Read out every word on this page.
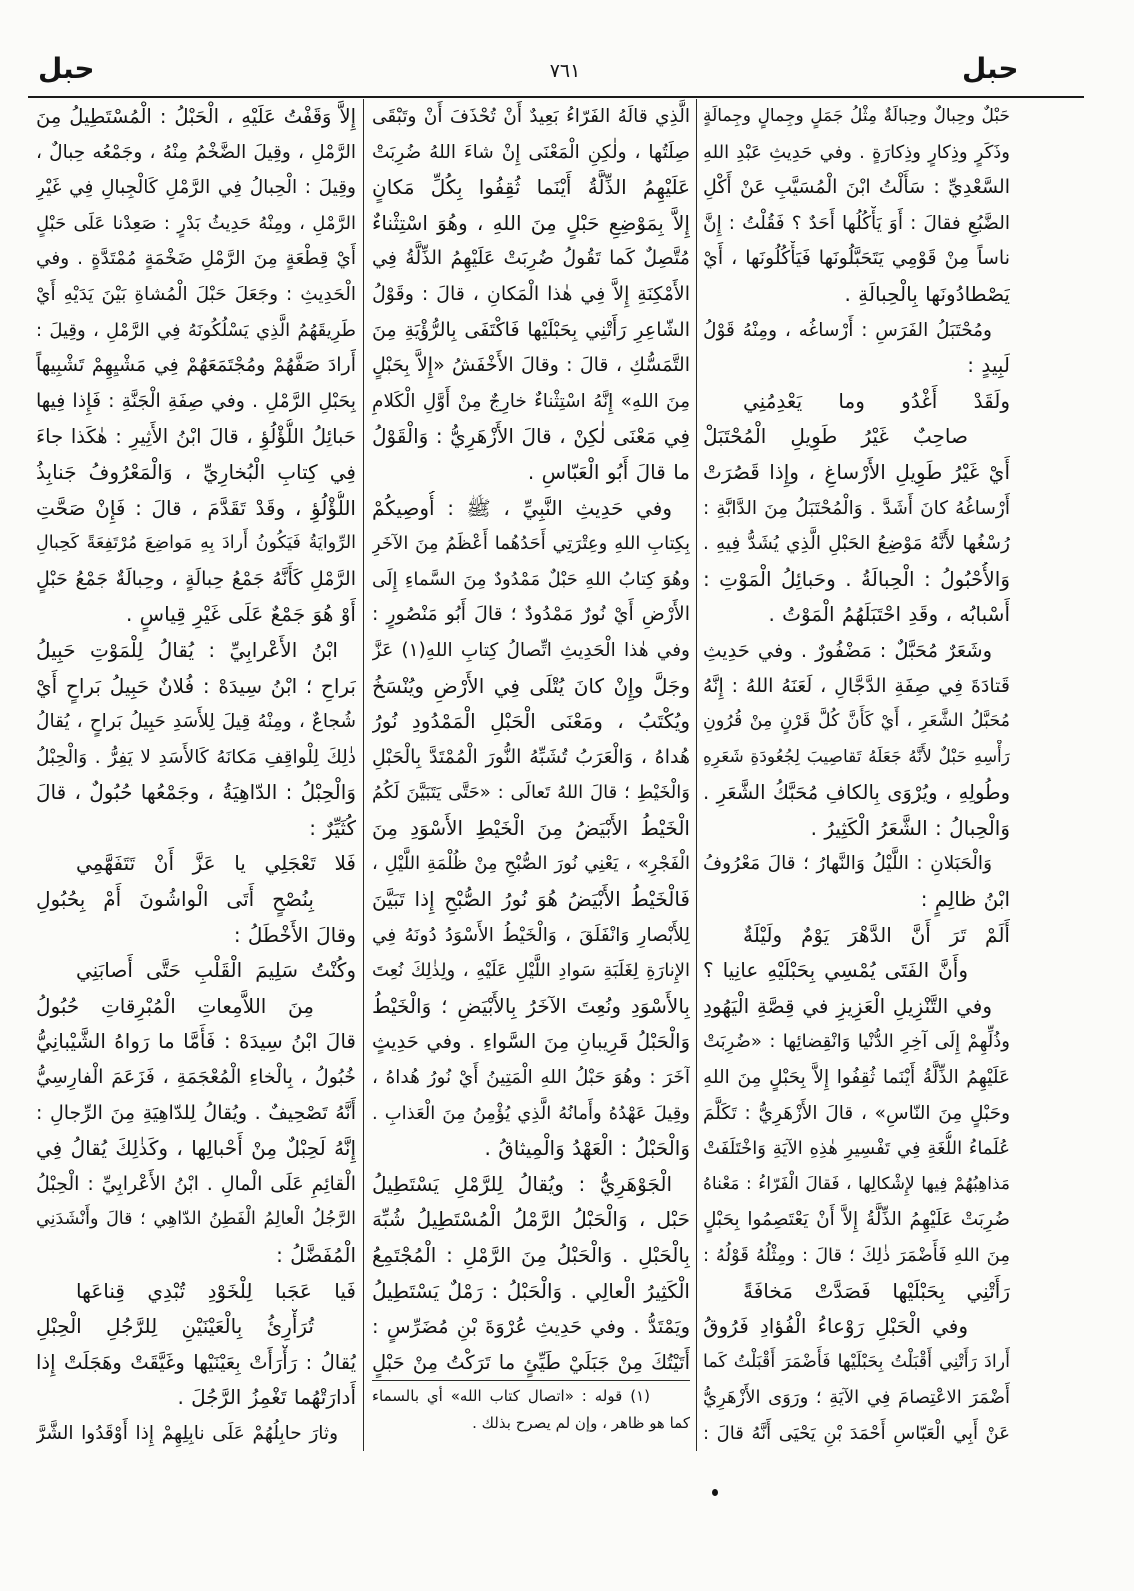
حبل	٧٦١	حبل
حَبْلٌ وحِبالٌ وحِبالَةٌ مِثْلُ جَمَلٍ وجِمالٍ وجِمالَةٍ
وذَكَرٍ وذِكارٍ وذِكارَةٍ . وفي حَدِيثِ عَبْدِ اللهِ
السَّعْدِيِّ : سَأَلْتُ ابْنَ الْمُسَيَّبِ عَنْ أَكْلِ
الضَّبُعِ فقالَ : أَوَ يَأْكُلُها أَحَدٌ ؟ فَقُلْتُ : إِنَّ
ناساً مِنْ قَوْمِي يَتَحَبَّلُونَها فَيَأْكُلُونَها ، أَيْ
يَصْطادُونَها بِالْحِبالَةِ .
ومُحْتَبَلُ الفَرَسِ : أَرْساغُه ، ومِنْهُ قَوْلُ
لَبِيدٍ :
ولَقَدْ أَغْدُو وما يَعْدِمُنِي
صاحِبٌ غَيْرُ طَوِيلِ الْمُحْتَبَلْ
أَيْ غَيْرُ طَوِيلِ الأَرْساغِ ، وإِذا قَصُرَتْ
أَرْساغُهُ كانَ أَشَدَّ . وَالْمُحْتَبَلُ مِنَ الدَّابَّةِ :
رُسْغُها لأَنَّهُ مَوْضِعُ الحَبْلِ الَّذِي يُشَدُّ فِيهِ .
وَالأُحْبُولُ : الْحِبالَةُ . وحَبائِلُ الْمَوْتِ :
أَسْبابُه ، وقَدِ احْتَبَلَهُمُ الْمَوْتُ .
وشَعَرٌ مُحَبَّلٌ : مَضْفُورٌ . وفي حَدِيثِ
قَتادَةَ فِي صِفَةِ الدَّجَّالِ ، لَعَنَهُ اللهُ : إِنَّهُ
مُحَبَّلُ الشَّعَرِ ، أَيْ كَأَنَّ كُلَّ قَرْنٍ مِنْ قُرُونِ
رَأْسِهِ حَبْلٌ لأَنَّهُ جَعَلَهُ تَقاصِيبَ لِجُعُودَةِ شَعَرِهِ
وطُولِهِ ، ويُرْوَى بِالكافِ مُحَبَّكُ الشَّعَرِ .
وَالْحِبالُ : الشَّعَرُ الْكَثِيرُ .
وَالْحَبَلانِ : اللَّيْلُ وَالنَّهارُ ؛ قالَ مَعْرُوفُ
ابْنُ ظالِمٍ :
أَلَمْ تَرَ أَنَّ الدَّهْرَ يَوْمٌ ولَيْلَةٌ
وأَنَّ الفَتَى يُمْسِي بِحَبْلَيْهِ عانِيا ؟
وفي التَّنْزِيلِ الْعَزِيزِ في قِصَّةِ الْيَهُودِ
وذُلِّهِمْ إِلَى آخِرِ الدُّنْيا وَانْقِضائِها : «ضُرِبَتْ
عَلَيْهِمُ الذِّلَّةُ أَيْنَما ثُقِفُوا إِلاَّ بِحَبْلٍ مِنَ اللهِ
وحَبْلٍ مِنَ النّاسِ» ، قالَ الأَزْهَرِيُّ : تَكَلَّمَ
عُلَماءُ اللُّغَةِ فِي تَفْسِيرِ هٰذِهِ الآيَةِ وَاخْتَلَفَتْ
مَذاهِبُهُمْ فِيها لإِشْكالِها ، فَقالَ الْفَرّاءُ : مَعْناهُ
ضُرِبَتْ عَلَيْهِمُ الذِّلَّةُ إِلاَّ أَنْ يَعْتَصِمُوا بِحَبْلٍ
مِنَ اللهِ فَأَضْمَرَ ذٰلِكَ ؛ قالَ : ومِثْلُهُ قَوْلُهُ :
رَأَتْنِي بِحَبْلَيْها فَصَدَّتْ مَخافَةً
وفي الْحَبْلِ رَوْعاءُ الْفُؤادِ فَرُوقُ
أَرادَ رَأَتْنِي أَقْبَلْتُ بِحَبْلَيْها فَأَضْمَرَ أَقْبَلْتُ كَما
أَضْمَرَ الاعْتِصامَ فِي الآيَةِ ؛ ورَوَى الأَزْهَرِيُّ
عَنْ أَبِي الْعَبّاسِ أَحْمَدَ بْنِ يَحْيَى أَنَّهُ قالَ :
الَّذِي قالَهُ الفَرّاءُ بَعِيدٌ أَنْ تُحْذَفَ أَنْ وتَبْقَى
صِلَتُها ، ولٰكِنِ الْمَعْنَى إِنْ شاءَ اللهُ ضُرِبَتْ
عَلَيْهِمُ الذِّلَّةُ أَيْنَما ثُقِفُوا بِكُلِّ مَكانٍ
إِلاَّ بِمَوْضِعِ حَبْلٍ مِنَ اللهِ ، وهُوَ اسْتِثْناءٌ
مُتَّصِلٌ كَما تَقُولُ ضُرِبَتْ عَلَيْهِمُ الذِّلَّةُ فِي
الأَمْكِنَةِ إِلاَّ فِي هٰذا الْمَكانِ ، قالَ : وقَوْلُ
الشّاعِرِ رَأَتْنِي بِحَبْلَيْها فَاكْتَفَى بِالرُّؤْيَةِ مِنَ
التَّمَسُّكِ ، قالَ : وقالَ الأَخْفَشُ «إِلاَّ بِحَبْلٍ
مِنَ اللهِ» إِنَّهُ اسْتِثْناءٌ خارِجٌ مِنْ أَوَّلِ الْكَلامِ
فِي مَعْنَى لٰكِنْ ، قالَ الأَزْهَرِيُّ : وَالْقَوْلُ
ما قالَ أَبُو الْعَبّاسِ .
وفي حَدِيثِ النَّبِيِّ ، ﷺ : أُوصِيكُمْ
بِكِتابِ اللهِ وعِتْرَتِي أَحَدُهُما أَعْظَمُ مِنَ الآخَرِ
وهُوَ كِتابُ اللهِ حَبْلٌ مَمْدُودٌ مِنَ السَّماءِ إِلَى
الأَرْضِ أَيْ نُورٌ مَمْدُودٌ ؛ قالَ أَبُو مَنْصُورٍ :
وفي هٰذا الْحَدِيثِ اتِّصالُ كِتابِ اللهِ(١) عَزَّ
وجَلَّ وإِنْ كانَ يُتْلَى فِي الأَرْضِ ويُنْسَخُ
ويُكْتَبُ ، ومَعْنَى الْحَبْلِ الْمَمْدُودِ نُورُ
هُداهُ ، وَالْعَرَبُ تُشَبِّهُ النُّورَ الْمُمْتَدَّ بِالْحَبْلِ
وَالْخَيْطِ ؛ قالَ اللهُ تَعالَى : «حَتَّى يَتَبَيَّنَ لَكُمُ
الْخَيْطُ الأَبْيَضُ مِنَ الْخَيْطِ الأَسْوَدِ مِنَ
الْفَجْرِ» ، يَعْنِي نُورَ الصُّبْحِ مِنْ ظُلْمَةِ اللَّيْلِ ،
فَالْخَيْطُ الأَبْيَضُ هُوَ نُورُ الصُّبْحِ إِذا تَبَيَّنَ
لِلأَبْصارِ وَانْفَلَقَ ، وَالْخَيْطُ الأَسْوَدُ دُونَهُ فِي
الإِنارَةِ لِغَلَبَةِ سَوادِ اللَّيْلِ عَلَيْهِ ، ولِذٰلِكَ نُعِتَ
بِالأَسْوَدِ ونُعِتَ الآخَرُ بِالأَبْيَضِ ؛ وَالْخَيْطُ
وَالْحَبْلُ قَرِيبانِ مِنَ السَّواءِ . وفي حَدِيثٍ
آخَرَ : وهُوَ حَبْلُ اللهِ الْمَتِينُ أَيْ نُورُ هُداهُ ،
وقِيلَ عَهْدُهُ وأَمانُهُ الَّذِي يُؤْمِنُ مِنَ الْعَذابِ .
وَالْحَبْلُ : الْعَهْدُ وَالْمِيثاقُ .
الْجَوْهَرِيُّ : ويُقالُ لِلرَّمْلِ يَسْتَطِيلُ
حَبْل ، وَالْحَبْلُ الرَّمْلُ الْمُسْتَطِيلُ شُبِّهَ
بِالْحَبْلِ . وَالْحَبْلُ مِنَ الرَّمْلِ : الْمُجْتَمِعُ
الْكَثِيرُ الْعالِي . وَالْحَبْلُ : رَمْلٌ يَسْتَطِيلُ
ويَمْتَدُّ . وفي حَدِيثِ عُرْوَةَ بْنِ مُضَرِّسٍ :
أَتَيْتُكَ مِنْ جَبَلَيْ طَيِّئٍ ما تَرَكْتُ مِنْ حَبْلٍ
إِلاَّ وَقَفْتُ عَلَيْهِ ، الْحَبْلُ : الْمُسْتَطِيلُ مِنَ
الرَّمْلِ ، وقِيلَ الضَّخْمُ مِنْهُ ، وجَمْعُه حِبالٌ ،
وقِيلَ : الْحِبالُ فِي الرَّمْلِ كَالْجِبالِ فِي غَيْرِ
الرَّمْلِ ، ومِنْهُ حَدِيثُ بَدْرٍ : صَعِدْنا عَلَى حَبْلٍ
أَيْ قِطْعَةٍ مِنَ الرَّمْلِ ضَخْمَةٍ مُمْتَدَّةٍ . وفي
الْحَدِيثِ : وجَعَلَ حَبْلَ الْمُشاةِ بَيْنَ يَدَيْهِ أَيْ
طَرِيقَهُمُ الَّذِي يَسْلُكُونَهُ فِي الرَّمْلِ ، وقِيلَ :
أَرادَ صَفَّهُمْ ومُجْتَمَعَهُمْ فِي مَشْيِهِمْ تَشْبِيهاً
بِحَبْلِ الرَّمْلِ . وفي صِفَةِ الْجَنَّةِ : فَإِذا فِيها
حَبائِلُ اللُّؤْلُؤِ ، قالَ ابْنُ الأَثِيرِ : هٰكَذا جاءَ
فِي كِتابِ الْبُخارِيِّ ، وَالْمَعْرُوفُ جَنابِذُ
اللُّؤْلُؤِ ، وقَدْ تَقَدَّمَ ، قالَ : فَإِنْ صَحَّتِ
الرِّوايَةُ فَيَكُونُ أَرادَ بِهِ مَواضِعَ مُرْتَفِعَةً كَحِبالِ
الرَّمْلِ كَأَنَّهُ جَمْعُ حِبالَةٍ ، وحِبالَةٌ جَمْعُ حَبْلٍ
أَوْ هُوَ جَمْعٌ عَلَى غَيْرِ قِياسٍ .
ابْنُ الأَعْرابِيِّ : يُقالُ لِلْمَوْتِ حَبِيلُ
بَراحِ ؛ ابْنُ سِيدَهْ : فُلانٌ حَبِيلُ بَراحٍ أَيْ
شُجاعٌ ، ومِنْهُ قِيلَ لِلأَسَدِ حَبِيلُ بَراحٍ ، يُقالُ
ذٰلِكَ لِلْواقِفِ مَكانَهُ كَالأَسَدِ لا يَفِرُّ . وَالْحِبْلُ
وَالْحِبْلُ : الدّاهِيَةُ ، وجَمْعُها حُبُولٌ ، قالَ
كُثَيِّرٌ :
فَلا تَعْجَلِي يا عَزَّ أَنْ تَتَفَهَّمِي
بِنُصْحٍ أَتَى الْواشُونَ أَمْ بِحُبُولِ
وقالَ الأَخْطَلُ :
وكُنْتُ سَلِيمَ الْقَلْبِ حَتَّى أَصابَنِي
مِنَ اللاَّمِعاتِ الْمُبْرِقاتِ حُبُولُ
قالَ ابْنُ سِيدَهْ : فَأَمَّا ما رَواهُ الشَّيْبانِيُّ
خُبُولُ ، بِالْخاءِ الْمُعْجَمَةِ ، فَزَعَمَ الْفارِسِيُّ
أَنَّهُ تَصْحِيفٌ . ويُقالُ لِلدّاهِيَةِ مِنَ الرِّجالِ :
إِنَّهُ لَحِبْلٌ مِنْ أَحْبالِها ، وكَذٰلِكَ يُقالُ فِي
الْقائِمِ عَلَى الْمالِ . ابْنُ الأَعْرابِيِّ : الْحِبْلُ
الرَّجُلُ الْعالِمُ الْفَطِنُ الدّاهِي ؛ قالَ وأَنْشَدَنِي
الْمُفَضَّلُ :
فَيا عَجَبا لِلْخَوْدِ تُبْدِي قِناعَها
تُرَأْرِئُ بِالْعَيْنَيْنِ لِلرَّجُلِ الْحِبْلِ
يُقالُ : رَأْرَأَتْ بِعَيْنَيْها وغَيَّقَتْ وهَجَلَتْ إِذا
أَدارَتْهُما تَغْمِزُ الرَّجُلَ .
وثارَ حابِلُهُمْ عَلَى نابِلِهِمْ إِذا أَوْقَدُوا الشَّرَّ
(١) قوله : «اتصال كتاب الله» أي بالسماء
كما هو ظاهر ، وإن لم يصرح بذلك .
